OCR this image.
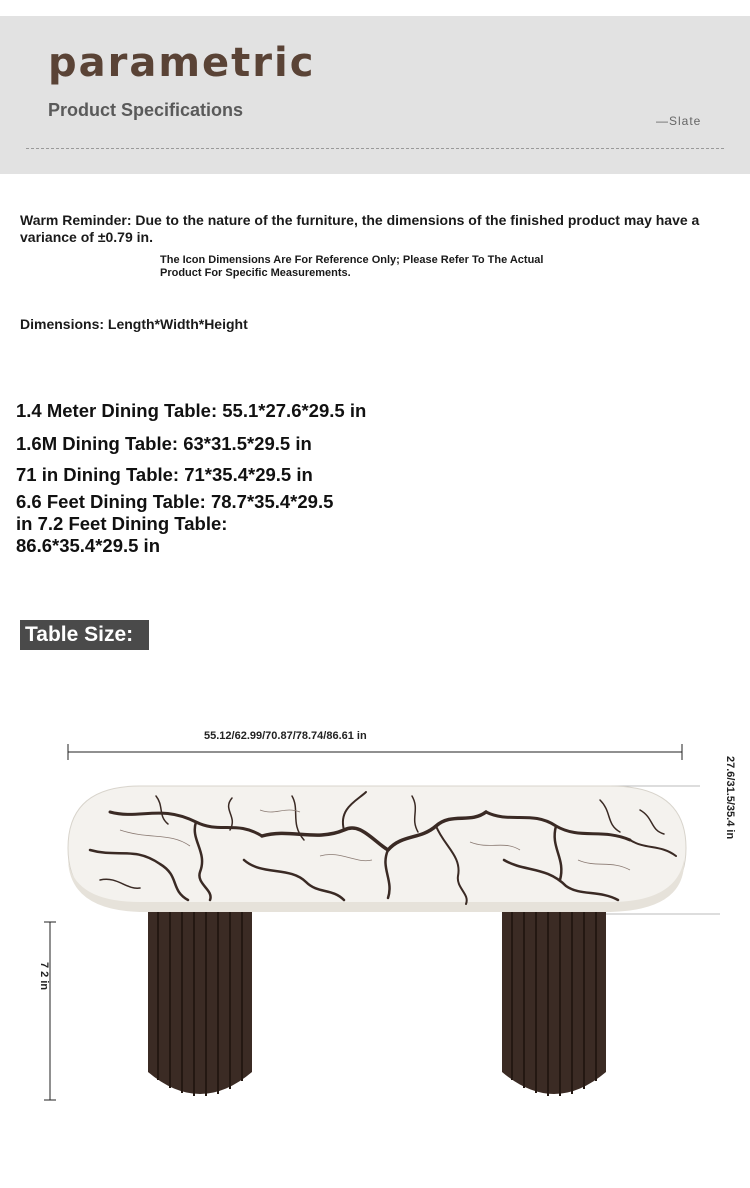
parametric
Product Specifications
—Slate
Warm Reminder: Due to the nature of the furniture, the dimensions of the finished product may have a variance of ±0.79 in.
The Icon Dimensions Are For Reference Only; Please Refer To The Actual Product For Specific Measurements.
Dimensions: Length*Width*Height
1.4 Meter Dining Table: 55.1*27.6*29.5 in
1.6M Dining Table: 63*31.5*29.5 in
71 in Dining Table: 71*35.4*29.5 in
6.6 Feet Dining Table: 78.7*35.4*29.5
in 7.2 Feet Dining Table:
86.6*35.4*29.5 in
Table Size:
55.12/62.99/70.87/78.74/86.61 in
27.6/31.5/35.4 in
7 2 in
